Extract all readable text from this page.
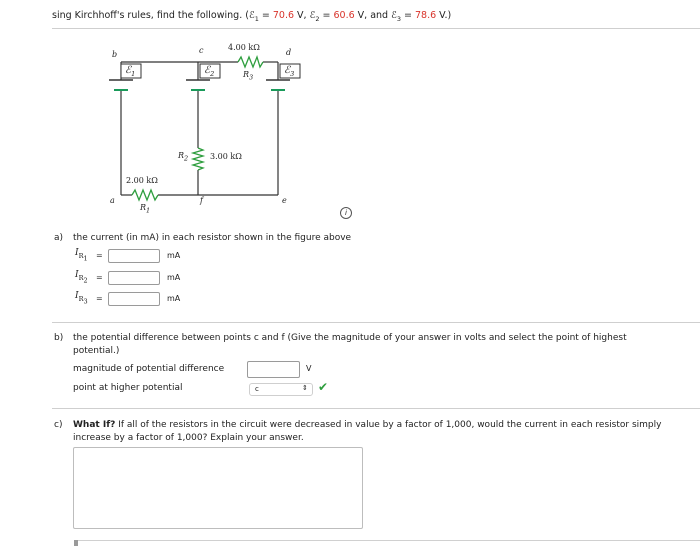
sing Kirchhoff's rules, find the following. (ℰ$_1$ = 70.6 V, ℰ$_2$ = 60.6 V, and ℰ$_3$ = 78.6 V.)
b	c	d
a	f	e
ℰ$_1$	ℰ$_2$	ℰ$_3$
4.00 kΩ
$R_3$
$R_2$	3.00 kΩ
2.00 kΩ
$R_1$	i
a) the current (in mA) in each resistor shown in the figure above
$I_{R_1}$ =	mA
$I_{R_2}$ =	mA
$I_{R_3}$ =	mA
b) the potential difference between points c and f (Give the magnitude of your answer in volts and select the point of highest
potential.)
magnitude of potential difference	V
point at higher potential	c	⇕ ✔
c) What If? If all of the resistors in the circuit were decreased in value by a factor of 1,000, would the current in each resistor simply
increase by a factor of 1,000? Explain your answer.
